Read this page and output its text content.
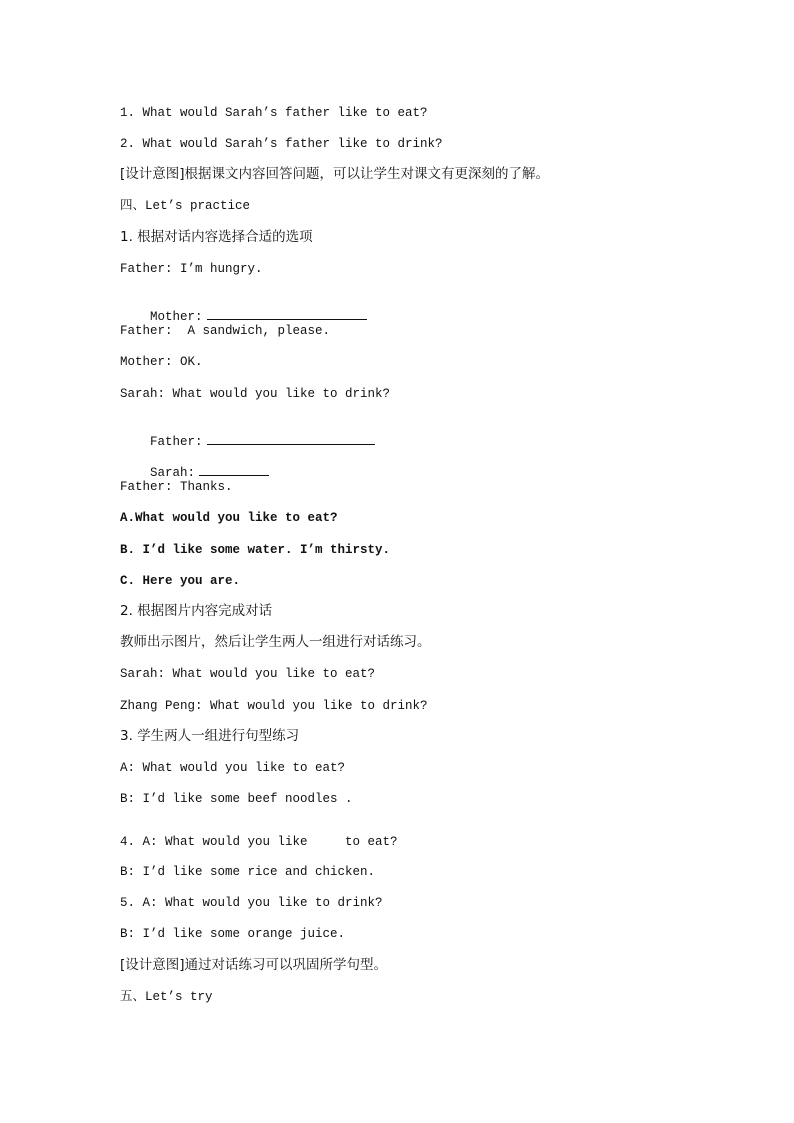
1. What would Sarah’s father like to eat?
2. What would Sarah’s father like to drink?
[设计意图]根据课文内容回答问题，可以让学生对课文有更深刻的了解。
四、Let’s practice
1. 根据对话内容选择合适的选项
Father: I’m hungry.

Mother:

Father:  A sandwich, please.
Mother: OK.
Sarah: What would you like to drink?

Father:

Sarah:

Father: Thanks.
A.What would you like to eat?
B. I’d like some water. I’m thirsty.
C. Here you are.
2. 根据图片内容完成对话
教师出示图片，然后让学生两人一组进行对话练习。
Sarah: What would you like to eat?
Zhang Peng: What would you like to drink?
3. 学生两人一组进行句型练习
A: What would you like to eat?
B: I’d like some beef noodles .
4. A: What would you like     to eat?
B: I’d like some rice and chicken.
5. A: What would you like to drink?
B: I’d like some orange juice.
[设计意图]通过对话练习可以巩固所学句型。
五、Let’s try
